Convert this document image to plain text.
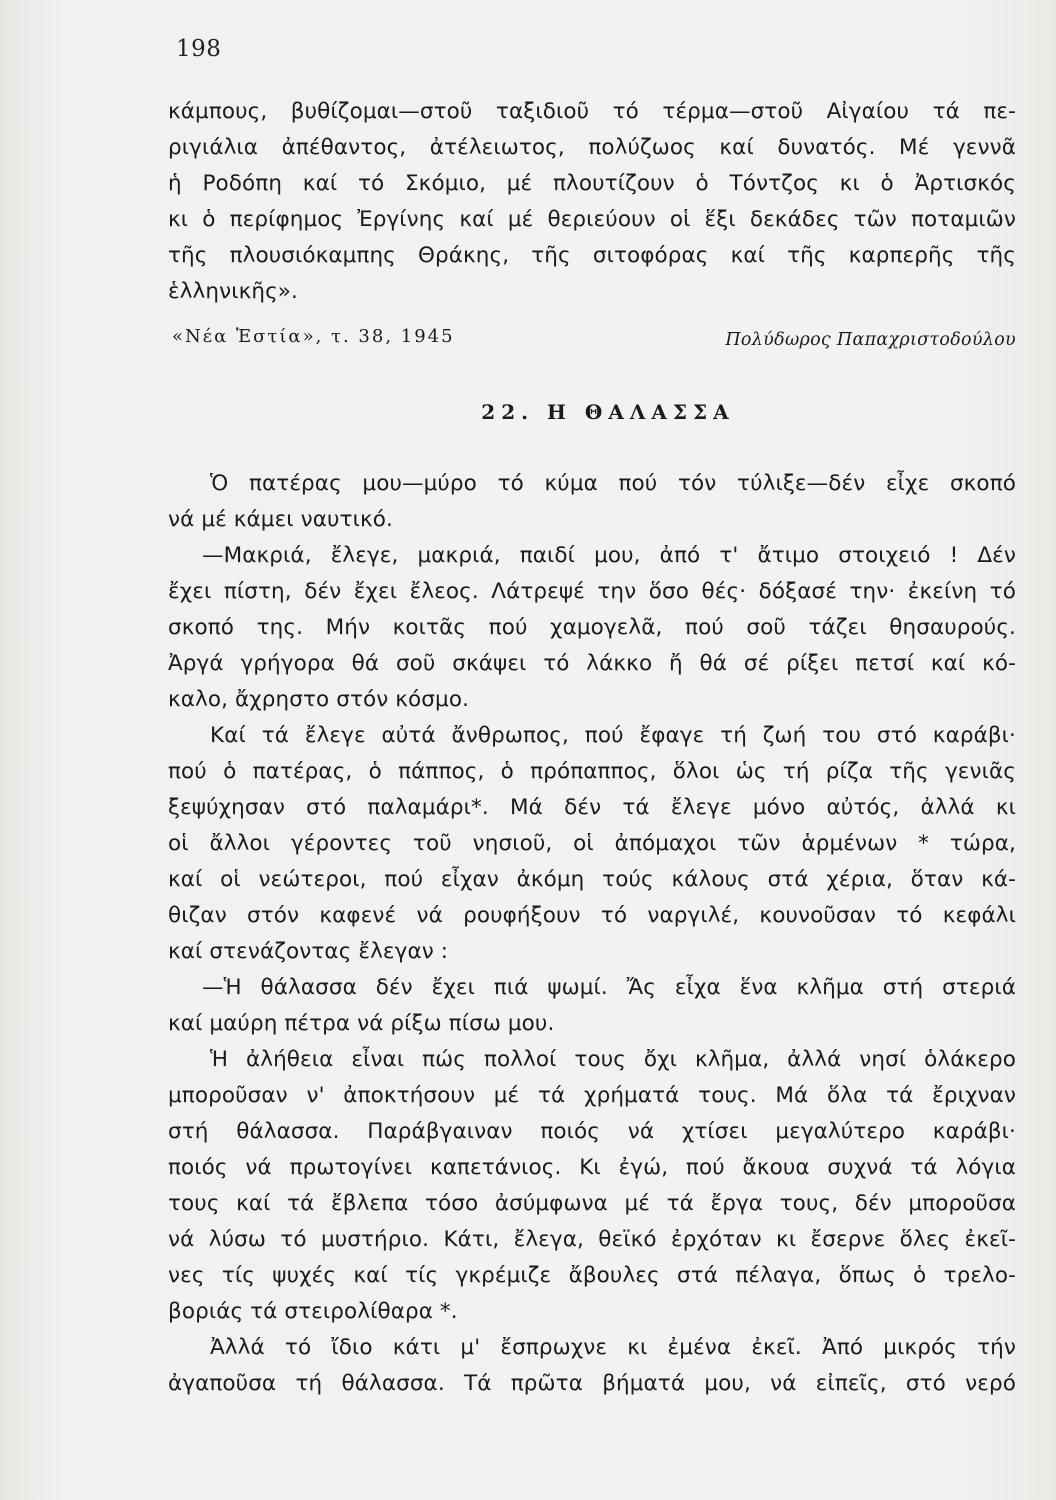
198
κάμπους, βυθίζομαι—στοῦ ταξιδιοῦ τό τέρμα—στοῦ Αἰγαίου τά πε-
ριγιάλια ἀπέθαντος, ἀτέλειωτος, πολύζωος καί δυνατός. Μέ γεννᾶ
ἡ Ροδόπη καί τό Σκόμιο, μέ πλουτίζουν ὁ Τόντζος κι ὁ Ἀρτισκός
κι ὁ περίφημος Ἐργίνης καί μέ θεριεύουν οἱ ἕξι δεκάδες τῶν ποταμιῶν
τῆς πλουσιόκαμπης Θράκης, τῆς σιτοφόρας καί τῆς καρπερῆς τῆς
ἑλληνικῆς».
«Νέα Ἑστία», τ. 38, 1945	Πολύδωρος Παπαχριστοδούλου
22. Η ΘΑΛΑΣΣΑ
Ὁ πατέρας μου—μύρο τό κύμα πού τόν τύλιξε—δέν εἶχε σκοπό
νά μέ κάμει ναυτικό.
—Μακριά, ἔλεγε, μακριά, παιδί μου, ἀπό τ' ἄτιμο στοιχειό ! Δέν
ἔχει πίστη, δέν ἔχει ἔλεος. Λάτρεψέ την ὅσο θές· δόξασέ την· ἐκείνη τό
σκοπό της. Μήν κοιτᾶς πού χαμογελᾶ, πού σοῦ τάζει θησαυρούς.
Ἀργά γρήγορα θά σοῦ σκάψει τό λάκκο ἤ θά σέ ρίξει πετσί καί κό-
καλο, ἄχρηστο στόν κόσμο.
Καί τά ἔλεγε αὐτά ἄνθρωπος, πού ἔφαγε τή ζωή του στό καράβι·
πού ὁ πατέρας, ὁ πάππος, ὁ πρόπαππος, ὅλοι ὡς τή ρίζα τῆς γενιᾶς
ξεψύχησαν στό παλαμάρι*. Μά δέν τά ἔλεγε μόνο αὐτός, ἀλλά κι
οἱ ἄλλοι γέροντες τοῦ νησιοῦ, οἱ ἀπόμαχοι τῶν ἁρμένων * τώρα,
καί οἱ νεώτεροι, πού εἶχαν ἀκόμη τούς κάλους στά χέρια, ὅταν κά-
θιζαν στόν καφενέ νά ρουφήξουν τό ναργιλέ, κουνοῦσαν τό κεφάλι
καί στενάζοντας ἔλεγαν :
—Ἡ θάλασσα δέν ἔχει πιά ψωμί. Ἄς εἶχα ἕνα κλῆμα στή στεριά
καί μαύρη πέτρα νά ρίξω πίσω μου.
Ἡ ἀλήθεια εἶναι πώς πολλοί τους ὄχι κλῆμα, ἀλλά νησί ὁλάκερο
μποροῦσαν ν' ἀποκτήσουν μέ τά χρήματά τους. Μά ὅλα τά ἔριχναν
στή θάλασσα. Παράβγαιναν ποιός νά χτίσει μεγαλύτερο καράβι·
ποιός νά πρωτογίνει καπετάνιος. Κι ἐγώ, πού ἄκουα συχνά τά λόγια
τους καί τά ἔβλεπα τόσο ἀσύμφωνα μέ τά ἔργα τους, δέν μποροῦσα
νά λύσω τό μυστήριο. Κάτι, ἔλεγα, θεϊκό ἐρχόταν κι ἔσερνε ὅλες ἐκεῖ-
νες τίς ψυχές καί τίς γκρέμιζε ἄβουλες στά πέλαγα, ὅπως ὁ τρελο-
βοριάς τά στειρολίθαρα *.
Ἀλλά τό ἴδιο κάτι μ' ἔσπρωχνε κι ἐμένα ἐκεῖ. Ἀπό μικρός τήν
ἀγαποῦσα τή θάλασσα. Τά πρῶτα βήματά μου, νά εἰπεῖς, στό νερό
